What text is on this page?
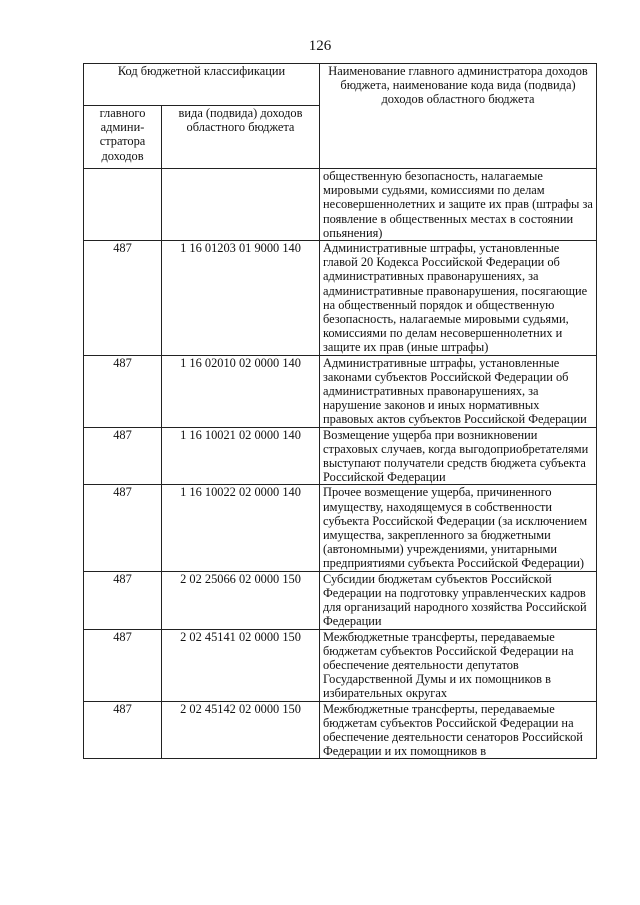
126
Код бюджетной классификации		Наименование главного администратора доходов бюджета, наименование кода вида (подвида) доходов областного бюджета
главного админи-стратора доходов	вида (подвида) доходов областного бюджета	
		общественную безопасность, налагаемые мировыми судьями, комиссиями по делам несовершеннолетних и защите их прав (штрафы за появление в общественных местах в состоянии опьянения)
487	1 16 01203 01 9000 140	Административные штрафы, установленные главой 20 Кодекса Российской Федерации об административных правонарушениях, за административные правонарушения, посягающие на общественный порядок и общественную безопасность, налагаемые мировыми судьями, комиссиями по делам несовершеннолетних и защите их прав (иные штрафы)
487	1 16 02010 02 0000 140	Административные штрафы, установленные законами субъектов Российской Федерации об административных правонарушениях, за нарушение законов и иных нормативных правовых актов субъектов Российской Федерации
487	1 16 10021 02 0000 140	Возмещение ущерба при возникновении страховых случаев, когда выгодоприобретателями выступают получатели средств бюджета субъекта Российской Федерации
487	1 16 10022 02 0000 140	Прочее возмещение ущерба, причиненного имуществу, находящемуся в собственности субъекта Российской Федерации (за исключением имущества, закрепленного за бюджетными (автономными) учреждениями, унитарными предприятиями субъекта Российской Федерации)
487	2 02 25066 02 0000 150	Субсидии бюджетам субъектов Российской Федерации на подготовку управленческих кадров для организаций народного хозяйства Российской Федерации
487	2 02 45141 02 0000 150	Межбюджетные трансферты, передаваемые бюджетам субъектов Российской Федерации на обеспечение деятельности депутатов Государственной Думы и их помощников в избирательных округах
487	2 02 45142 02 0000 150	Межбюджетные трансферты, передаваемые бюджетам субъектов Российской Федерации на обеспечение деятельности сенаторов Российской Федерации и их помощников в
